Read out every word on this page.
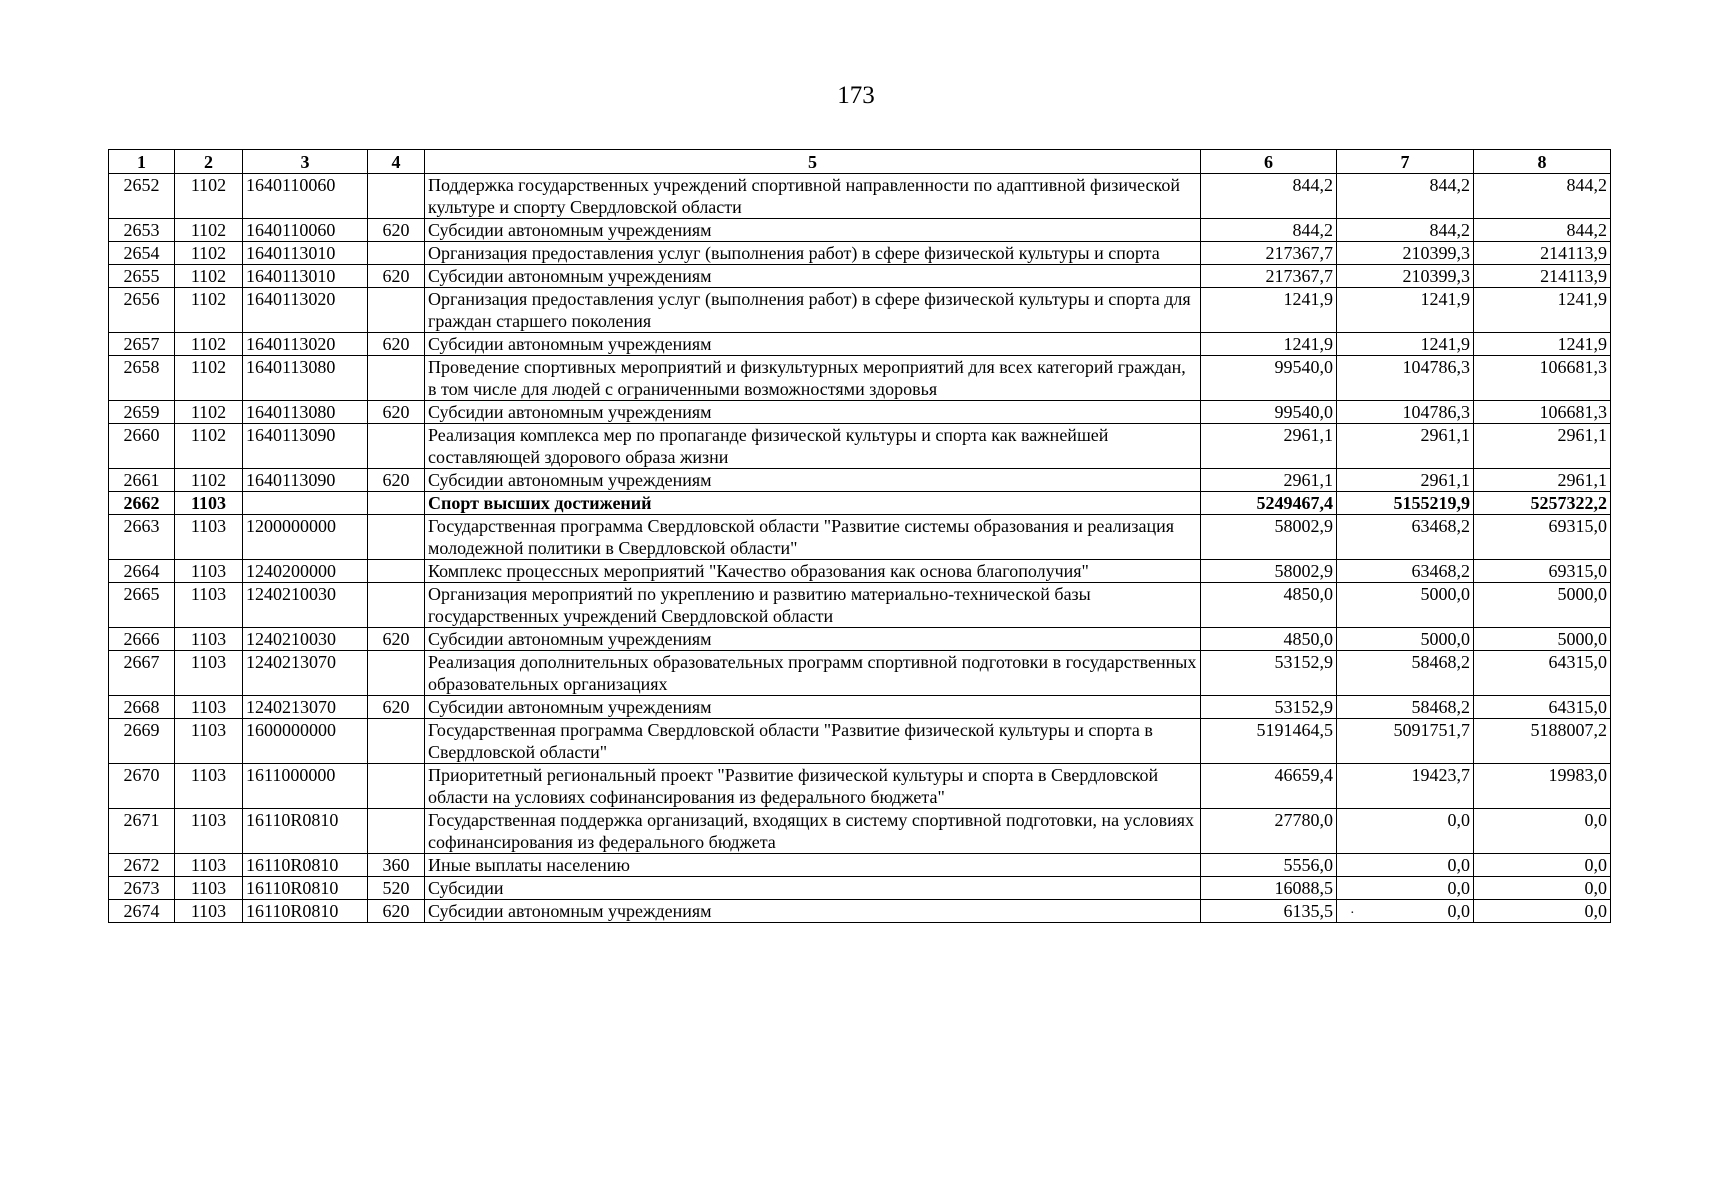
173
1	2	3	4	5	6	7	8
2652	1102	1640110060		Поддержка государственных учреждений спортивной направленности по адаптивной физической культуре и спорту Свердловской области	844,2	844,2	844,2
2653	1102	1640110060	620	Субсидии автономным учреждениям	844,2	844,2	844,2
2654	1102	1640113010		Организация предоставления услуг (выполнения работ) в сфере физической культуры и спорта	217367,7	210399,3	214113,9
2655	1102	1640113010	620	Субсидии автономным учреждениям	217367,7	210399,3	214113,9
2656	1102	1640113020		Организация предоставления услуг (выполнения работ) в сфере физической культуры и спорта для граждан старшего поколения	1241,9	1241,9	1241,9
2657	1102	1640113020	620	Субсидии автономным учреждениям	1241,9	1241,9	1241,9
2658	1102	1640113080		Проведение спортивных мероприятий и физкультурных мероприятий для всех категорий граждан, в том числе для людей с ограниченными возможностями здоровья	99540,0	104786,3	106681,3
2659	1102	1640113080	620	Субсидии автономным учреждениям	99540,0	104786,3	106681,3
2660	1102	1640113090		Реализация комплекса мер по пропаганде физической культуры и спорта как важнейшей составляющей здорового образа жизни	2961,1	2961,1	2961,1
2661	1102	1640113090	620	Субсидии автономным учреждениям	2961,1	2961,1	2961,1
2662	1103			Спорт высших достижений	5249467,4	5155219,9	5257322,2
2663	1103	1200000000		Государственная программа Свердловской области "Развитие системы образования и реализация молодежной политики в Свердловской области"	58002,9	63468,2	69315,0
2664	1103	1240200000		Комплекс процессных мероприятий "Качество образования как основа благополучия"	58002,9	63468,2	69315,0
2665	1103	1240210030		Организация мероприятий по укреплению и развитию материально-технической базы государственных учреждений Свердловской области	4850,0	5000,0	5000,0
2666	1103	1240210030	620	Субсидии автономным учреждениям	4850,0	5000,0	5000,0
2667	1103	1240213070		Реализация дополнительных образовательных программ спортивной подготовки в государственных образовательных организациях	53152,9	58468,2	64315,0
2668	1103	1240213070	620	Субсидии автономным учреждениям	53152,9	58468,2	64315,0
2669	1103	1600000000		Государственная программа Свердловской области "Развитие физической культуры и спорта в Свердловской области"	5191464,5	5091751,7	5188007,2
2670	1103	1611000000		Приоритетный региональный проект "Развитие физической культуры и спорта в Свердловской области на условиях софинансирования из федерального бюджета"	46659,4	19423,7	19983,0
2671	1103	16110R0810		Государственная поддержка организаций, входящих в систему спортивной подготовки, на условиях софинансирования из федерального бюджета	27780,0	0,0	0,0
2672	1103	16110R0810	360	Иные выплаты населению	5556,0	0,0	0,0
2673	1103	16110R0810	520	Субсидии	16088,5	0,0	0,0
2674	1103	16110R0810	620	Субсидии автономным учреждениям	6135,5	0,0	0,0
·
